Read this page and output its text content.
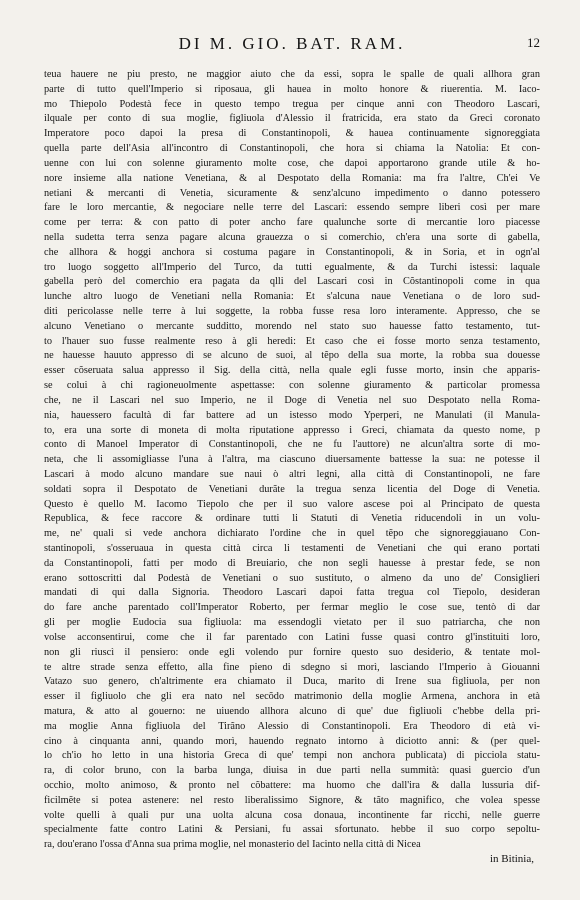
DI M. GIO. BAT. RAM.	12
teua hauere ne piu presto, ne maggior aiuto che da essi, sopra le spalle de quali allhora gran
parte di tutto quell'Imperio si riposaua, gli hauea in molto honore & riuerentia. M. Iaco-
mo Thiepolo Podestà fece in questo tempo tregua per cinque anni con Theodoro Lascari,
ilquale per conto di sua moglie, figliuola d'Alessio il fratricida, era stato da Greci coronato
Imperatore poco dapoi la presa di Constantinopoli, & hauea continuamente signoreggiata
quella parte dell'Asia all'incontro di Constantinopoli, che hora si chiama la Natolia: Et con-
uenne con lui con solenne giuramento molte cose, che dapoi apportarono grande utile & ho-
nore insieme alla natione Venetiana, & al Despotato della Romania: ma fra l'altre, Ch'ei Ve
netiani & mercanti di Venetia, sicuramente & senz'alcuno impedimento o danno potessero
fare le loro mercantie, & negociare nelle terre del Lascari: essendo sempre liberi così per mare
come per terra: & con patto di poter ancho fare qualunche sorte di mercantie loro piacesse
nella sudetta terra senza pagare alcuna grauezza o si comerchio, ch'era una sorte di gabella,
che allhora & hoggi anchora si costuma pagare in Constantinopoli, & in Soria, et in ogn'al
tro luogo soggetto all'Imperio del Turco, da tutti egualmente, & da Turchi istessi: laquale
gabella però del comerchio era pagata da qlli del Lascari così in Cõstantinopoli come in qua
lunche altro luogo de Venetiani nella Romania: Et s'alcuna naue Venetiana o de loro sud-
diti pericolasse nelle terre à lui soggette, la robba fusse resa loro interamente. Appresso, che se
alcuno Venetiano o mercante sudditto, morendo nel stato suo hauesse fatto testamento, tut-
to l'hauer suo fusse realmente reso à gli heredi: Et caso che ei fosse morto senza testamento,
ne hauesse hauuto appresso di se alcuno de suoi, al tẽpo della sua morte, la robba sua douesse
esser cõseruata salua appresso il Sig. della città, nella quale egli fusse morto, insin che apparis-
se colui à chi ragioneuolmente aspettasse: con solenne giuramento & particolar promessa
che, ne il Lascari nel suo Imperio, ne il Doge di Venetia nel suo Despotato nella Roma-
nia, hauessero facultà di far battere ad un istesso modo Yperperi, ne Manulati (il Manula-
to, era una sorte di moneta di molta riputatione appresso i Greci, chiamata da questo nome, p
conto di Manoel Imperator di Constantinopoli, che ne fu l'auttore) ne alcun'altra sorte di mo-
neta, che li assomigliasse l'una à l'altra, ma ciascuno diuersamente battesse la sua: ne potesse il
Lascari à modo alcuno mandare sue naui ò altri legni, alla città di Constantinopoli, ne fare
soldati sopra il Despotato de Venetiani durãte la tregua senza licentia del Doge di Venetia.
Questo è quello M. Iacomo Tiepolo che per il suo valore ascese poi al Principato de questa
Republica, & fece raccore & ordinare tutti li Statuti di Venetia riducendoli in un volu-
me, ne' quali si vede anchora dichiarato l'ordine che in quel tẽpo che signoreggiauano Con-
stantinopoli, s'osseruaua in questa città circa li testamenti de Venetiani che qui erano portati
da Constantinopoli, fatti per modo di Breuiario, che non segli hauesse à prestar fede, se non
erano sottoscritti dal Podestà de Venetiani o suo sustituto, o almeno da uno de' Consiglieri
mandati di qui dalla Signoria. Theodoro Lascari dapoi fatta tregua col Tiepolo, desideran
do fare anche parentado coll'Imperator Roberto, per fermar meglio le cose sue, tentò di dar
gli per moglie Eudocia sua figliuola: ma essendogli vietato per il suo patriarcha, che non
volse acconsentirui, come che il far parentado con Latini fusse quasi contro gl'instituiti loro,
non gli riuscì il pensiero: onde egli volendo pur fornire questo suo desiderio, & tentate mol-
te altre strade senza effetto, alla fine pieno di sdegno si morì, lasciando l'Imperio à Giouanni
Vatazo suo genero, ch'altrimente era chiamato il Duca, marito di Irene sua figliuola, per non
esser il figliuolo che gli era nato nel secõdo matrimonio della moglie Armena, anchora in età
matura, & atto al gouerno: ne uiuendo allhora alcuno di que' due figliuoli c'hebbe della pri-
ma moglie Anna figliuola del Tirãno Alessio di Constantinopoli. Era Theodoro di età vi-
cino à cinquanta anni, quando morì, hauendo regnato intorno à diciotto anni: & (per quel-
lo ch'io ho letto in una historia Greca di que' tempi non anchora publicata) di picciola statu-
ra, di color bruno, con la barba lunga, diuisa in due parti nella summità: quasi guercio d'un
occhio, molto animoso, & pronto nel cõbattere: ma huomo che dall'ira & dalla lussuria dif-
ficilmẽte si potea astenere: nel resto liberalissimo Signore, & tãto magnifico, che volea spesse
volte quelli à quali pur una uolta alcuna cosa donaua, incontinente far ricchi, nelle guerre
specialmente fatte contro Latini & Persiani, fu assai sfortunato. hebbe il suo corpo sepoltu-
ra, dou'erano l'ossa d'Anna sua prima moglie, nel monasterio del Iacinto nella città di Nicea
in Bitinia,
